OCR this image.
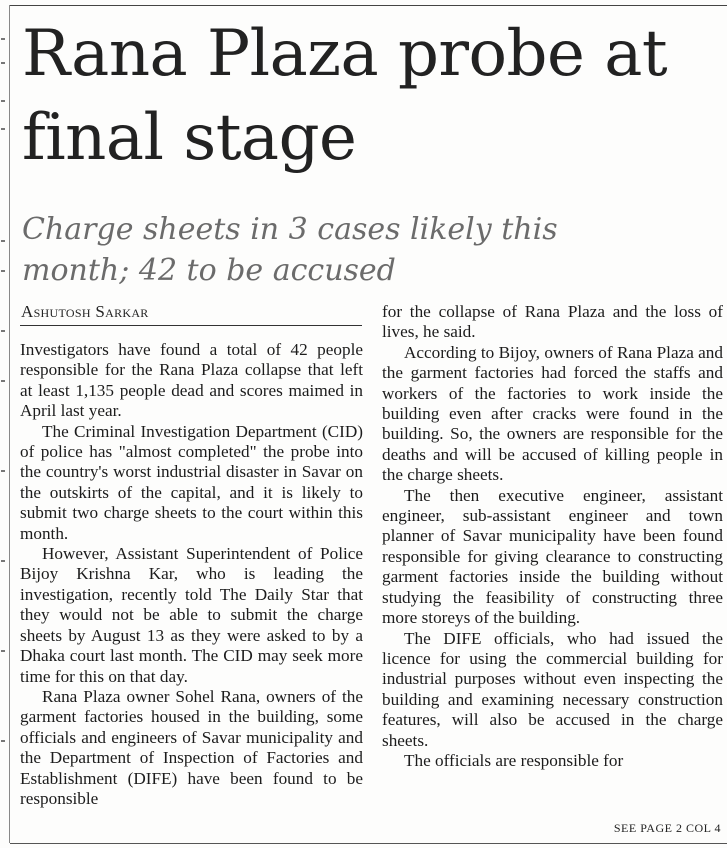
Rana Plaza probe at final stage
Charge sheets in 3 cases likely this month; 42 to be accused
Ashutosh Sarkar

Investigators have found a total of 42 people responsible for the Rana Plaza collapse that left at least 1,135 people dead and scores maimed in April last year.

The Criminal Investigation Department (CID) of police has "almost completed" the probe into the country's worst industrial disaster in Savar on the outskirts of the capital, and it is likely to submit two charge sheets to the court within this month.

However, Assistant Superintendent of Police Bijoy Krishna Kar, who is leading the investigation, recently told The Daily Star that they would not be able to submit the charge sheets by August 13 as they were asked to by a Dhaka court last month. The CID may seek more time for this on that day.

Rana Plaza owner Sohel Rana, owners of the garment factories housed in the building, some officials and engineers of Savar municipality and the Department of Inspection of Factories and Establishment (DIFE) have been found to be responsible

for the collapse of Rana Plaza and the loss of lives, he said.

According to Bijoy, owners of Rana Plaza and the garment factories had forced the staffs and workers of the factories to work inside the building even after cracks were found in the building. So, the owners are responsible for the deaths and will be accused of killing people in the charge sheets.

The then executive engineer, assistant engineer, sub-assistant engineer and town planner of Savar municipality have been found responsible for giving clearance to constructing garment factories inside the building without studying the feasibility of constructing three more storeys of the building.

The DIFE officials, who had issued the licence for using the commercial building for industrial purposes without even inspecting the building and examining necessary construction features, will also be accused in the charge sheets.

The officials are responsible for

SEE PAGE 2 COL 4
